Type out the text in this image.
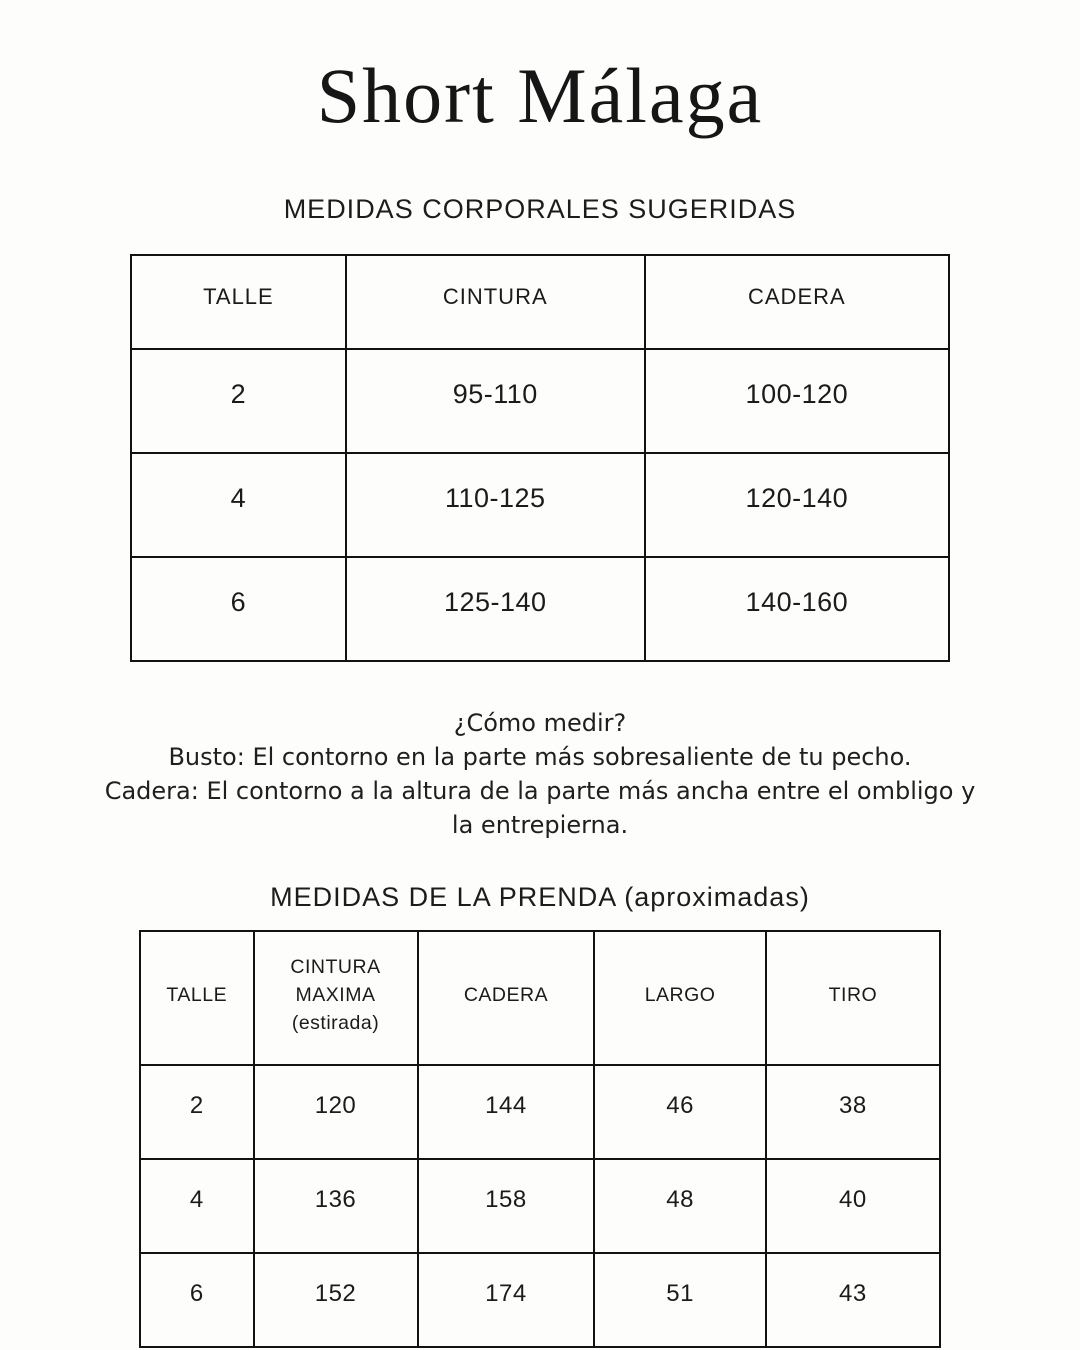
Short Málaga
MEDIDAS CORPORALES SUGERIDAS
TALLE	CINTURA	CADERA
2	95-110	100-120
4	110-125	120-140
6	125-140	140-160

¿Cómo medir?

Busto: El contorno en la parte más sobresaliente de tu pecho.

Cadera: El contorno a la altura de la parte más ancha entre el ombligo y la entrepierna.

MEDIDAS DE LA PRENDA (aproximadas)
TALLE	CINTURA MAXIMA (estirada)	CADERA	LARGO	TIRO
2	120	144	46	38
4	136	158	48	40
6	152	174	51	43
